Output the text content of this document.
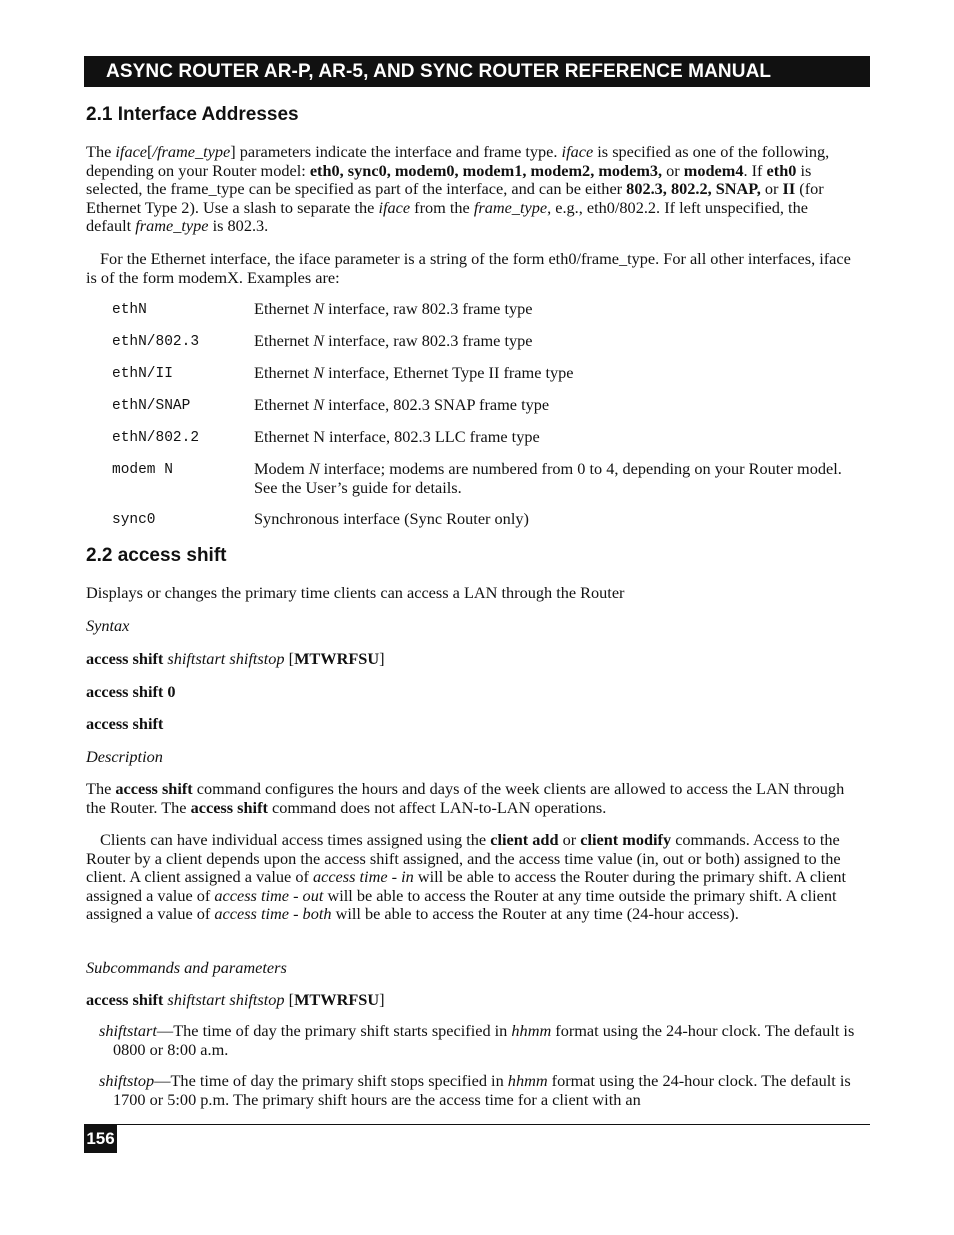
ASYNC ROUTER AR-P, AR-5, AND SYNC ROUTER REFERENCE MANUAL
2.1 Interface Addresses
The iface[/frame_type] parameters indicate the interface and frame type. iface is specified as one of the following, depending on your Router model: eth0, sync0, modem0, modem1, modem2, modem3, or modem4. If eth0 is selected, the frame_type can be specified as part of the interface, and can be either 802.3, 802.2, SNAP, or II (for Ethernet Type 2). Use a slash to separate the iface from the frame_type, e.g., eth0/802.2. If left unspecified, the default frame_type is 802.3.
For the Ethernet interface, the iface parameter is a string of the form eth0/frame_type. For all other interfaces, iface is of the form modemX. Examples are:
ethN	Ethernet N interface, raw 802.3 frame type
ethN/802.3	Ethernet N interface, raw 802.3 frame type
ethN/II	Ethernet N interface, Ethernet Type II frame type
ethN/SNAP	Ethernet N interface, 802.3 SNAP frame type
ethN/802.2	Ethernet N interface, 802.3 LLC frame type
modem N	Modem N interface; modems are numbered from 0 to 4, depending on your Router model. See the User’s guide for details.
sync0	Synchronous interface (Sync Router only)
2.2 access shift
Displays or changes the primary time clients can access a LAN through the Router
Syntax
access shift shiftstart shiftstop [MTWRFSU]
access shift 0
access shift
Description
The access shift command configures the hours and days of the week clients are allowed to access the LAN through the Router. The access shift command does not affect LAN-to-LAN operations.
Clients can have individual access times assigned using the client add or client modify commands. Access to the Router by a client depends upon the access shift assigned, and the access time value (in, out or both) assigned to the client. A client assigned a value of access time - in will be able to access the Router during the primary shift. A client assigned a value of access time - out will be able to access the Router at any time outside the primary shift. A client assigned a value of access time - both will be able to access the Router at any time (24-hour access).
Subcommands and parameters
access shift shiftstart shiftstop [MTWRFSU]
shiftstart—The time of day the primary shift starts specified in hhmm format using the 24-hour clock. The default is 0800 or 8:00 a.m.
shiftstop—The time of day the primary shift stops specified in hhmm format using the 24-hour clock. The default is 1700 or 5:00 p.m. The primary shift hours are the access time for a client with an
156
